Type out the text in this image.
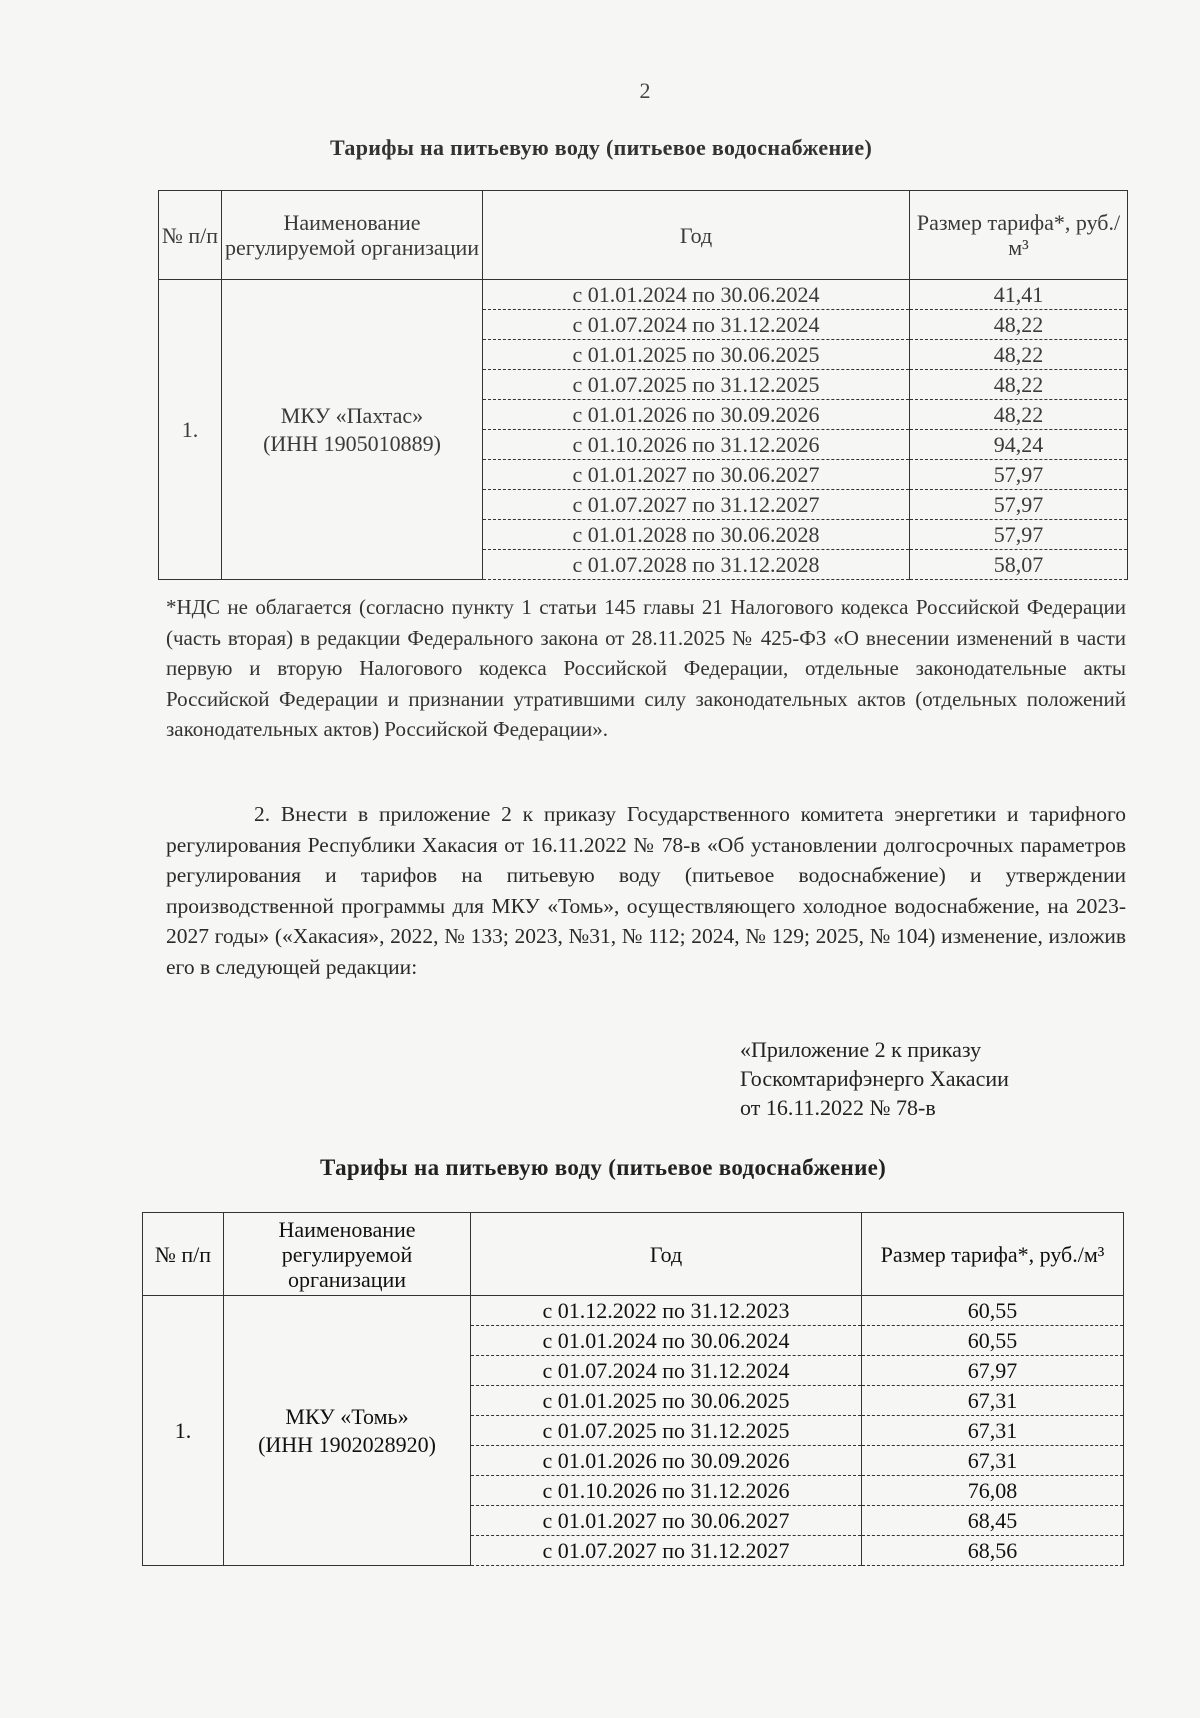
2
Тарифы на питьевую воду (питьевое водоснабжение)
№ п/п	Наименование регулируемой организации	Год	Размер тарифа*, руб./м³
1.	МКУ «Пахтас»
(ИНН 1905010889)	с 01.01.2024 по 30.06.2024	41,41
		с 01.07.2024 по 31.12.2024	48,22
		с 01.01.2025 по 30.06.2025	48,22
		с 01.07.2025 по 31.12.2025	48,22
		с 01.01.2026 по 30.09.2026	48,22
		с 01.10.2026 по 31.12.2026	94,24
		с 01.01.2027 по 30.06.2027	57,97
		с 01.07.2027 по 31.12.2027	57,97
		с 01.01.2028 по 30.06.2028	57,97
		с 01.07.2028 по 31.12.2028	58,07
*НДС не облагается (согласно пункту 1 статьи 145 главы 21 Налогового кодекса Российской Федерации (часть вторая) в редакции Федерального закона от 28.11.2025 № 425-ФЗ «О внесении изменений в части первую и вторую Налогового кодекса Российской Федерации, отдельные законодательные акты Российской Федерации и признании утратившими силу законодательных актов (отдельных положений законодательных актов) Российской Федерации».
2. Внести в приложение 2 к приказу Государственного комитета энергетики и тарифного регулирования Республики Хакасия от 16.11.2022 № 78-в «Об установлении долгосрочных параметров регулирования и тарифов на питьевую воду (питьевое водоснабжение) и утверждении производственной программы для МКУ «Томь», осуществляющего холодное водоснабжение, на 2023-2027 годы» («Хакасия», 2022, № 133; 2023, №31, № 112; 2024, № 129; 2025, № 104) изменение, изложив его в следующей редакции:
«Приложение 2 к приказу
Госкомтарифэнерго Хакасии
от 16.11.2022 № 78-в
Тарифы на питьевую воду (питьевое водоснабжение)
№ п/п	Наименование регулируемой организации	Год	Размер тарифа*, руб./м³
1.	МКУ «Томь»
(ИНН 1902028920)	с 01.12.2022 по 31.12.2023	60,55
		с 01.01.2024 по 30.06.2024	60,55
		с 01.07.2024 по 31.12.2024	67,97
		с 01.01.2025 по 30.06.2025	67,31
		с 01.07.2025 по 31.12.2025	67,31
		с 01.01.2026 по 30.09.2026	67,31
		с 01.10.2026 по 31.12.2026	76,08
		с 01.01.2027 по 30.06.2027	68,45
		с 01.07.2027 по 31.12.2027	68,56
